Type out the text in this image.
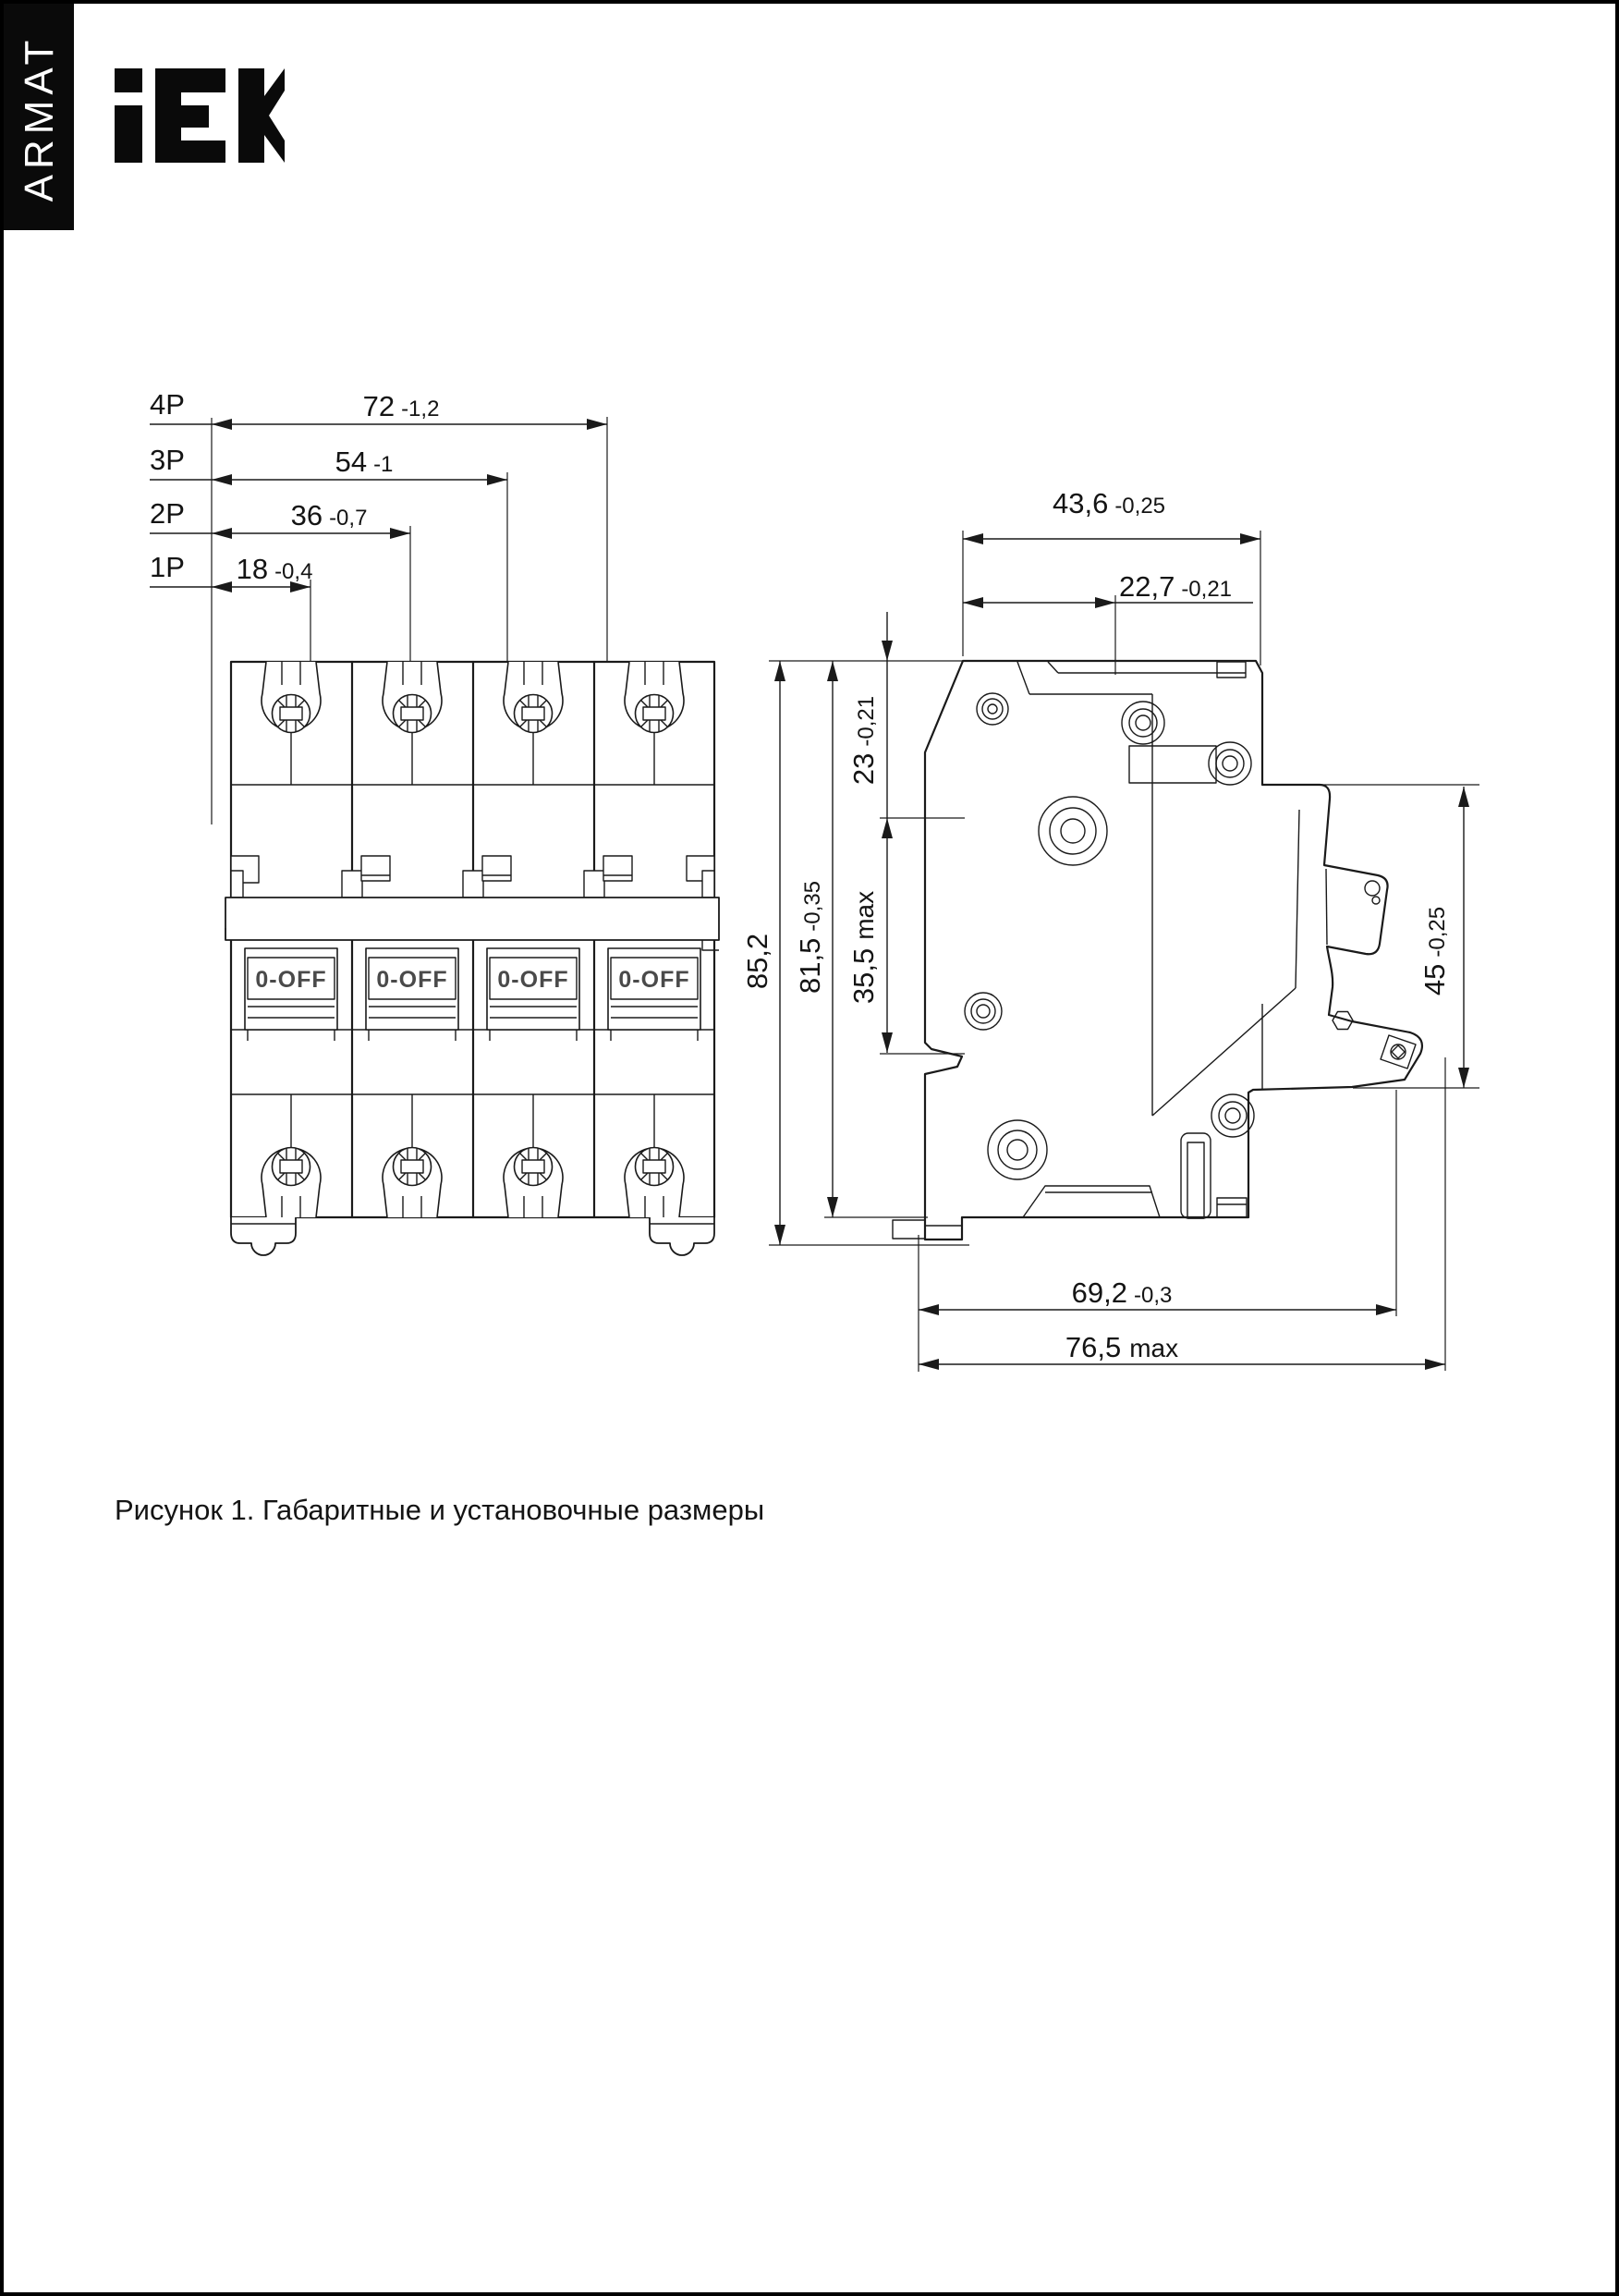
ARMAT
4P	72 -1,2
3P	54 -1
2P	36 -0,7
1P 18 -0,4
0-OFF 0-OFF 0-OFF 0-OFF
43,6 -0,25
22,7 -0,21
85,2 81,5-0,35
23-0,21
35,5max
45-0,25
69,2 -0,3
76,5 max
Рисунок 1. Габаритные и установочные размеры
